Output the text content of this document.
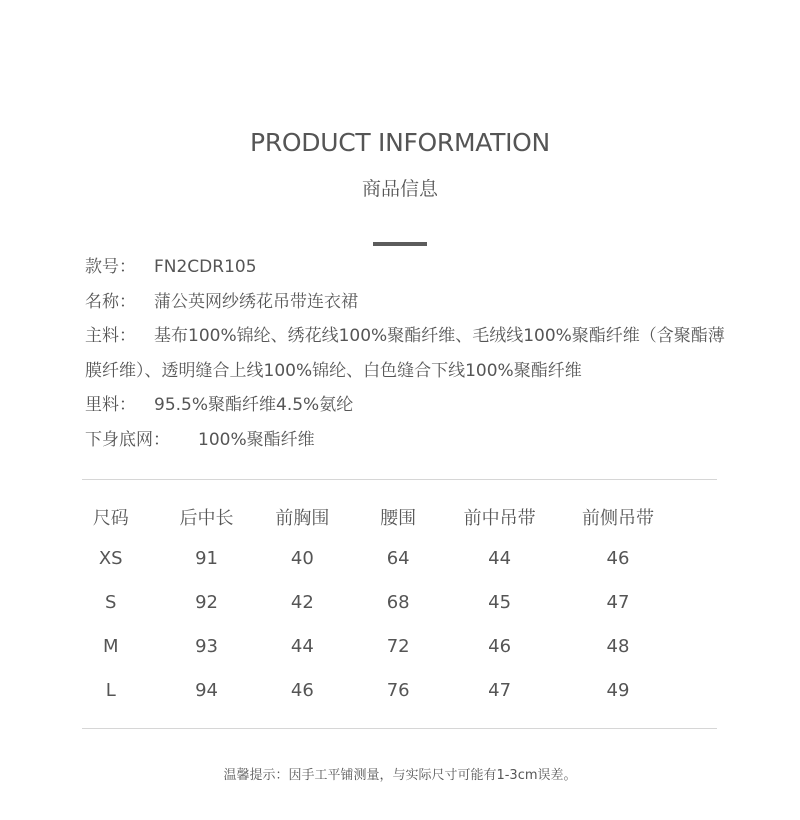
PRODUCT INFORMATION
商品信息
款号： FN2CDR105
名称： 蒲公英网纱绣花吊带连衣裙
主料： 基布100%锦纶、绣花线100%聚酯纤维、毛绒线100%聚酯纤维（含聚酯薄膜纤维）、透明缝合上线100%锦纶、白色缝合下线100%聚酯纤维
里料： 95.5%聚酯纤维4.5%氨纶
下身底网： 100%聚酯纤维
尺码	后中长	前胸围	腰围	前中吊带	前侧吊带
XS	91	40	64	44	46
S	92	42	68	45	47
M	93	44	72	46	48
L	94	46	76	47	49
温馨提示：因手工平铺测量，与实际尺寸可能有1-3cm误差。
